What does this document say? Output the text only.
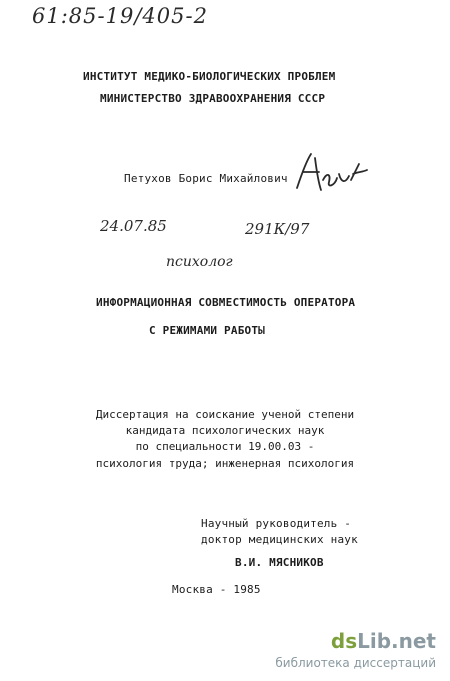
61:85-19/405-2
ИНСТИТУТ МЕДИКО-БИОЛОГИЧЕСКИХ ПРОБЛЕМ
МИНИСТЕРСТВО ЗДРАВООХРАНЕНИЯ СССР
Петухов Борис Михайлович
24.07.85	291К/97
психолог
ИНФОРМАЦИОННАЯ СОВМЕСТИМОСТЬ ОПЕРАТОРА
С РЕЖИМАМИ РАБОТЫ
Диссертация на соискание ученой степени
кандидата психологических наук
по специальности 19.00.03 -
психология труда; инженерная психология
Научный руководитель -
доктор медицинских наук
В.И. МЯСНИКОВ
Москва - 1985
dsLib.net
библиотека диссертаций
